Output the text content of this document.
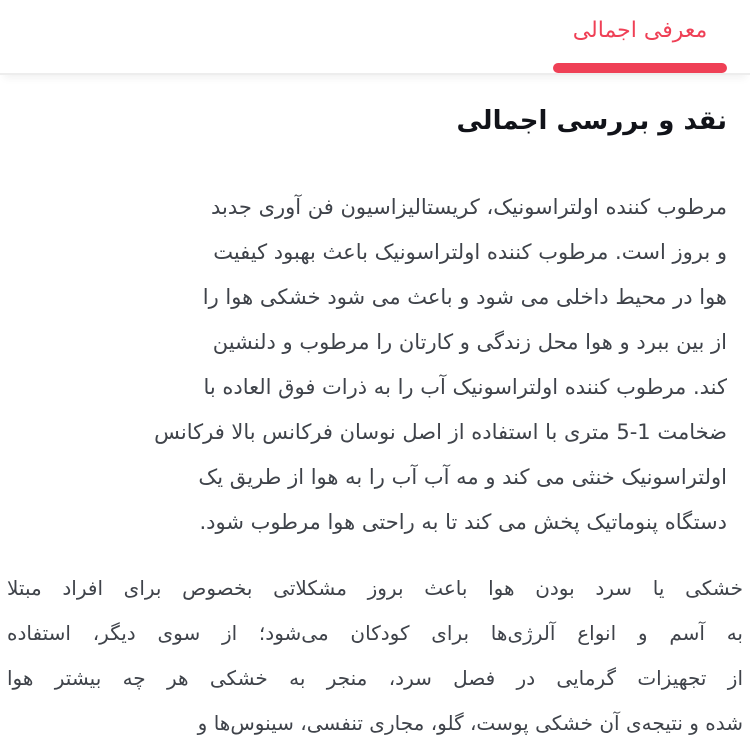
معرفی اجمالی
نقد و بررسی اجمالی
مرطوب کننده اولتراسونیک، کریستالیزاسیون فن آوری جدبد
و بروز است. مرطوب کننده اولتراسونیک باعث بهبود کیفیت
هوا در محیط داخلی می شود و باعث می شود خشکی هوا را
از بین ببرد و هوا محل زندگی و کارتان را مرطوب و دلنشین
کند. مرطوب کننده اولتراسونیک آب را به ذرات فوق العاده با
ضخامت 1-5 متری با استفاده از اصل نوسان فرکانس بالا فرکانس
اولتراسونیک خنثی می کند و مه آب آب را به هوا از طریق یک
دستگاه پنوماتیک پخش می کند تا به راحتی هوا مرطوب شود.
خشکی یا سرد بودن هوا باعث بروز مشکلاتی بخصوص برای افراد مبتلا
به آسم و انواع آلرژی‌ها برای کودکان می‌شود؛ از سوی دیگر، استفاده
از تجهیزات گرمایی در فصل سرد، منجر به خشکی هر چه بیشتر هوا
شده و نتیجه‌ی آن خشکی پوست، گلو، مجاری تنفسی، سینوس‌ها و
